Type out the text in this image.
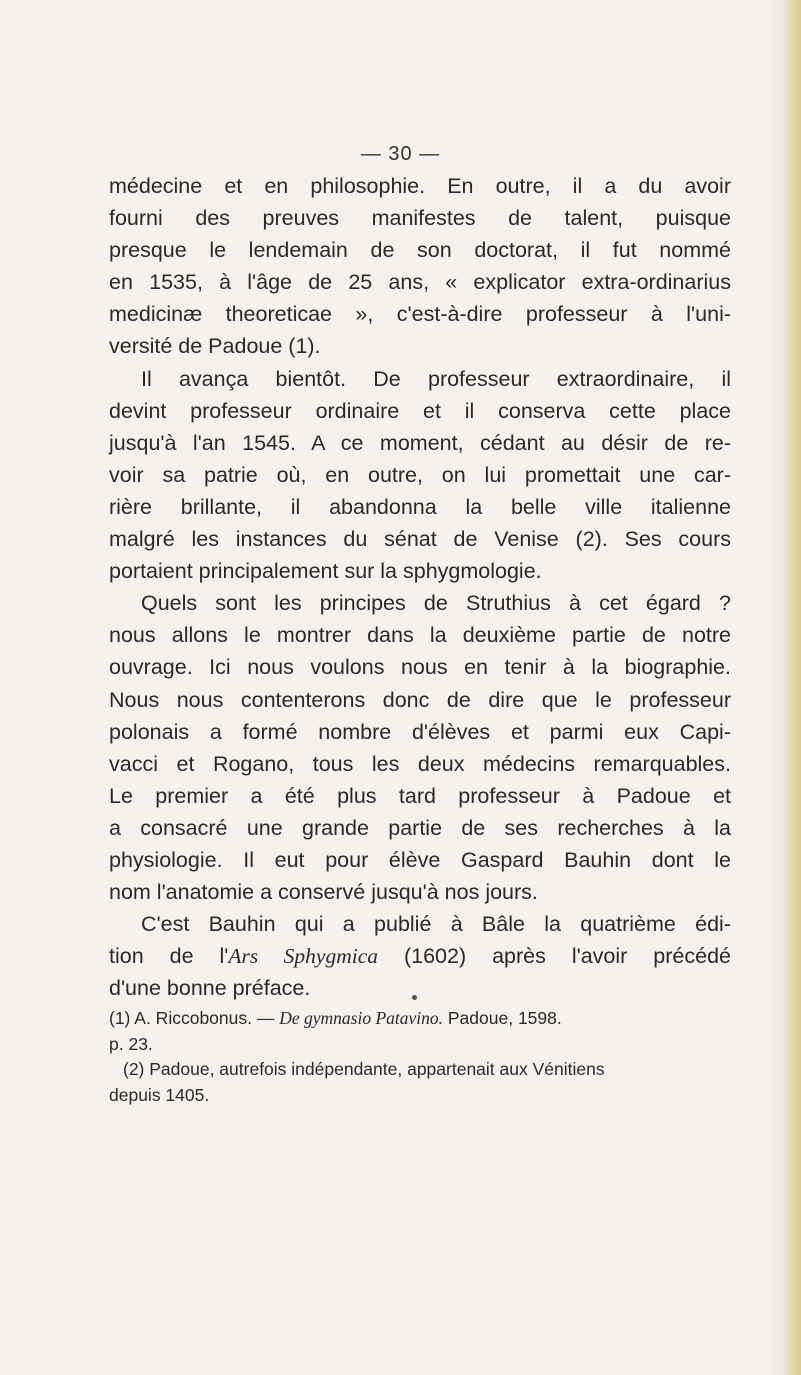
— 30 —
médecine et en philosophie. En outre, il a du avoir
fourni des preuves manifestes de talent, puisque
presque le lendemain de son doctorat, il fut nommé
en 1535, à l'âge de 25 ans, « explicator extra-ordinarius
medicinæ theoreticae », c'est-à-dire professeur à l'uni-
versité de Padoue (1).
Il avança bientôt. De professeur extraordinaire, il
devint professeur ordinaire et il conserva cette place
jusqu'à l'an 1545. A ce moment, cédant au désir de re-
voir sa patrie où, en outre, on lui promettait une car-
rière brillante, il abandonna la belle ville italienne
malgré les instances du sénat de Venise (2). Ses cours
portaient principalement sur la sphygmologie.
Quels sont les principes de Struthius à cet égard ?
nous allons le montrer dans la deuxième partie de notre
ouvrage. Ici nous voulons nous en tenir à la biographie.
Nous nous contenterons donc de dire que le professeur
polonais a formé nombre d'élèves et parmi eux Capi-
vacci et Rogano, tous les deux médecins remarquables.
Le premier a été plus tard professeur à Padoue et
a consacré une grande partie de ses recherches à la
physiologie. Il eut pour élève Gaspard Bauhin dont le
nom l'anatomie a conservé jusqu'à nos jours.
C'est Bauhin qui a publié à Bâle la quatrième édi-
tion de l'Ars Sphygmica (1602) après l'avoir précédé
d'une bonne préface.
(1) A. Riccobonus. — De gymnasio Patavino. Padoue, 1598.
p. 23.
(2) Padoue, autrefois indépendante, appartenait aux Vénitiens
depuis 1405.
